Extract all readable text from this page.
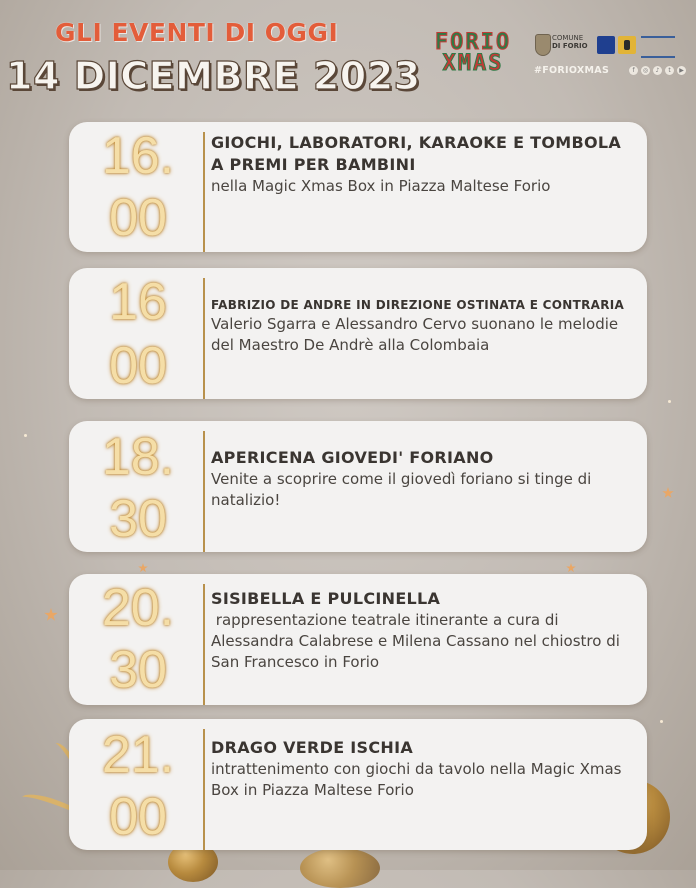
GLI EVENTI DI OGGI
14 DICEMBRE 2023
FORIO
XMAS
COMUNE
DI FORIO

#FORIOXMAS	f	◎	♪	t	▶
16.
00

GIOCHI, LABORATORI, KARAOKE E TOMBOLA A PREMI PER BAMBINI

nella Magic Xmas Box in Piazza Maltese Forio

16
00

FABRIZIO DE ANDRE IN DIREZIONE OSTINATA E CONTRARIA

Valerio Sgarra e Alessandro Cervo suonano le melodie del Maestro De Andrè alla Colombaia

18.
30

APERICENA GIOVEDI' FORIANO

Venite a scoprire come il giovedì foriano si tinge di natalizio!

20.
30

SISIBELLA E PULCINELLA

rappresentazione teatrale itinerante a cura di Alessandra Calabrese e Milena Cassano nel chiostro di San Francesco in Forio

21.
00

DRAGO VERDE ISCHIA

intrattenimento con giochi da tavolo nella Magic Xmas Box in Piazza Maltese Forio
